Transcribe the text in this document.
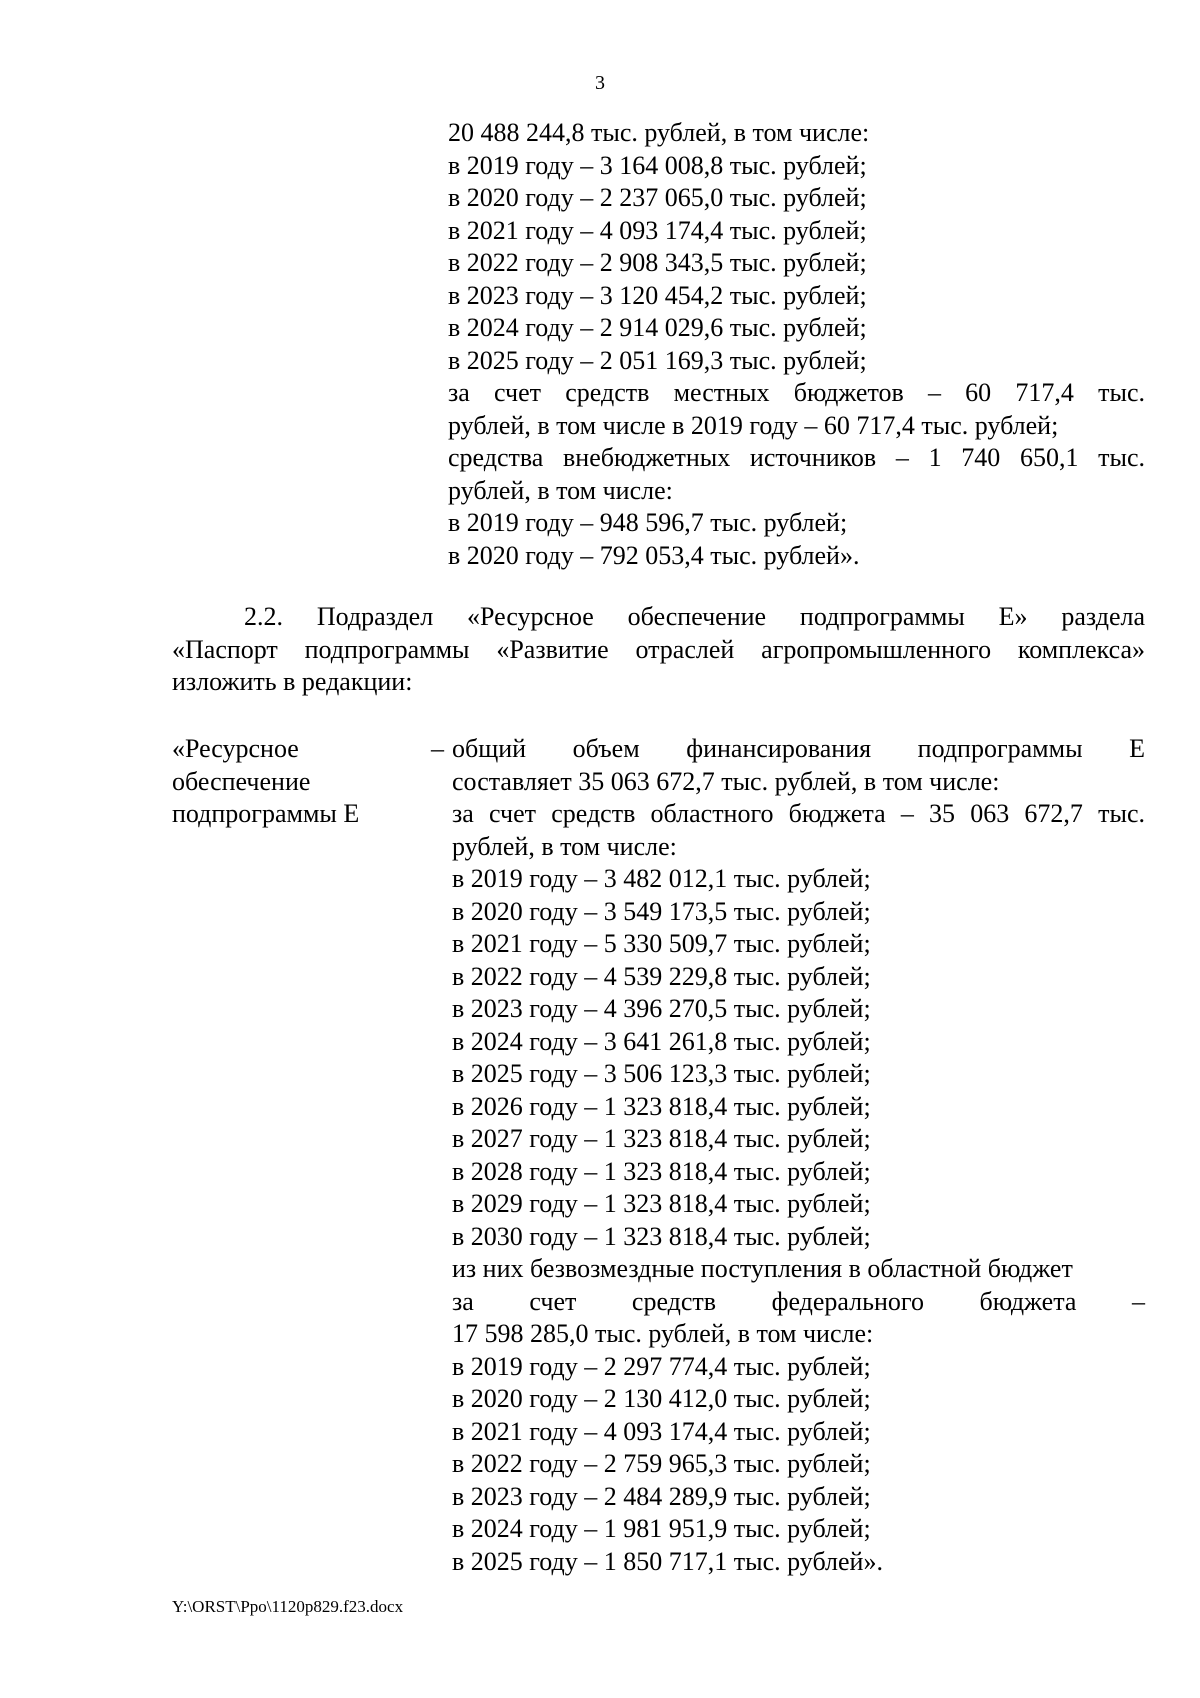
3
20 488 244,8 тыс. рублей, в том числе:
в 2019 году – 3 164 008,8 тыс. рублей;
в 2020 году – 2 237 065,0 тыс. рублей;
в 2021 году – 4 093 174,4 тыс. рублей;
в 2022 году – 2 908 343,5 тыс. рублей;
в 2023 году – 3 120 454,2 тыс. рублей;
в 2024 году – 2 914 029,6 тыс. рублей;
в 2025 году – 2 051 169,3 тыс. рублей;
за счет средств местных бюджетов – 60 717,4 тыс.
рублей, в том числе в 2019 году – 60 717,4 тыс. рублей;
средства внебюджетных источников – 1 740 650,1 тыс.
рублей, в том числе:
в 2019 году – 948 596,7 тыс. рублей;
в 2020 году – 792 053,4 тыс. рублей».
2.2. Подраздел «Ресурсное обеспечение подпрограммы Е» раздела
«Паспорт подпрограммы «Развитие отраслей агропромышленного комплекса»
изложить в редакции:
«Ресурсное
обеспечение
подпрограммы Е
– общий объем финансирования подпрограммы Е
составляет 35 063 672,7 тыс. рублей, в том числе:
за счет средств областного бюджета – 35 063 672,7 тыс.
рублей, в том числе:
в 2019 году – 3 482 012,1 тыс. рублей;
в 2020 году – 3 549 173,5 тыс. рублей;
в 2021 году – 5 330 509,7 тыс. рублей;
в 2022 году – 4 539 229,8 тыс. рублей;
в 2023 году – 4 396 270,5 тыс. рублей;
в 2024 году – 3 641 261,8 тыс. рублей;
в 2025 году – 3 506 123,3 тыс. рублей;
в 2026 году – 1 323 818,4 тыс. рублей;
в 2027 году – 1 323 818,4 тыс. рублей;
в 2028 году – 1 323 818,4 тыс. рублей;
в 2029 году – 1 323 818,4 тыс. рублей;
в 2030 году – 1 323 818,4 тыс. рублей;
из них безвозмездные поступления в областной бюджет
за счет средств федерального бюджета –
17 598 285,0 тыс. рублей, в том числе:
в 2019 году – 2 297 774,4 тыс. рублей;
в 2020 году – 2 130 412,0 тыс. рублей;
в 2021 году – 4 093 174,4 тыс. рублей;
в 2022 году – 2 759 965,3 тыс. рублей;
в 2023 году – 2 484 289,9 тыс. рублей;
в 2024 году – 1 981 951,9 тыс. рублей;
в 2025 году – 1 850 717,1 тыс. рублей».
Y:\ORST\Ppo\1120p829.f23.docx
